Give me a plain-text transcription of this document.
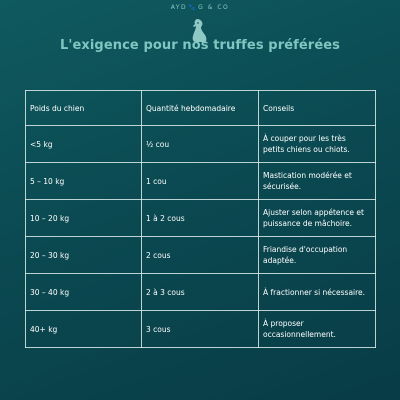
AYD🐾G & CO
L'exigence pour nos truffes préférées
Poids du chien	Quantité hebdomadaire	Conseils
<5 kg	½ cou	À couper pour les très petits chiens ou chiots.
5 – 10 kg	1 cou	Mastication modérée et sécurisée.
10 – 20 kg	1 à 2 cous	Ajuster selon appétence et puissance de mâchoire.
20 – 30 kg	2 cous	Friandise d'occupation adaptée.
30 – 40 kg	2 à 3 cous	À fractionner si nécessaire.
40+ kg	3 cous	À proposer occasionnellement.
